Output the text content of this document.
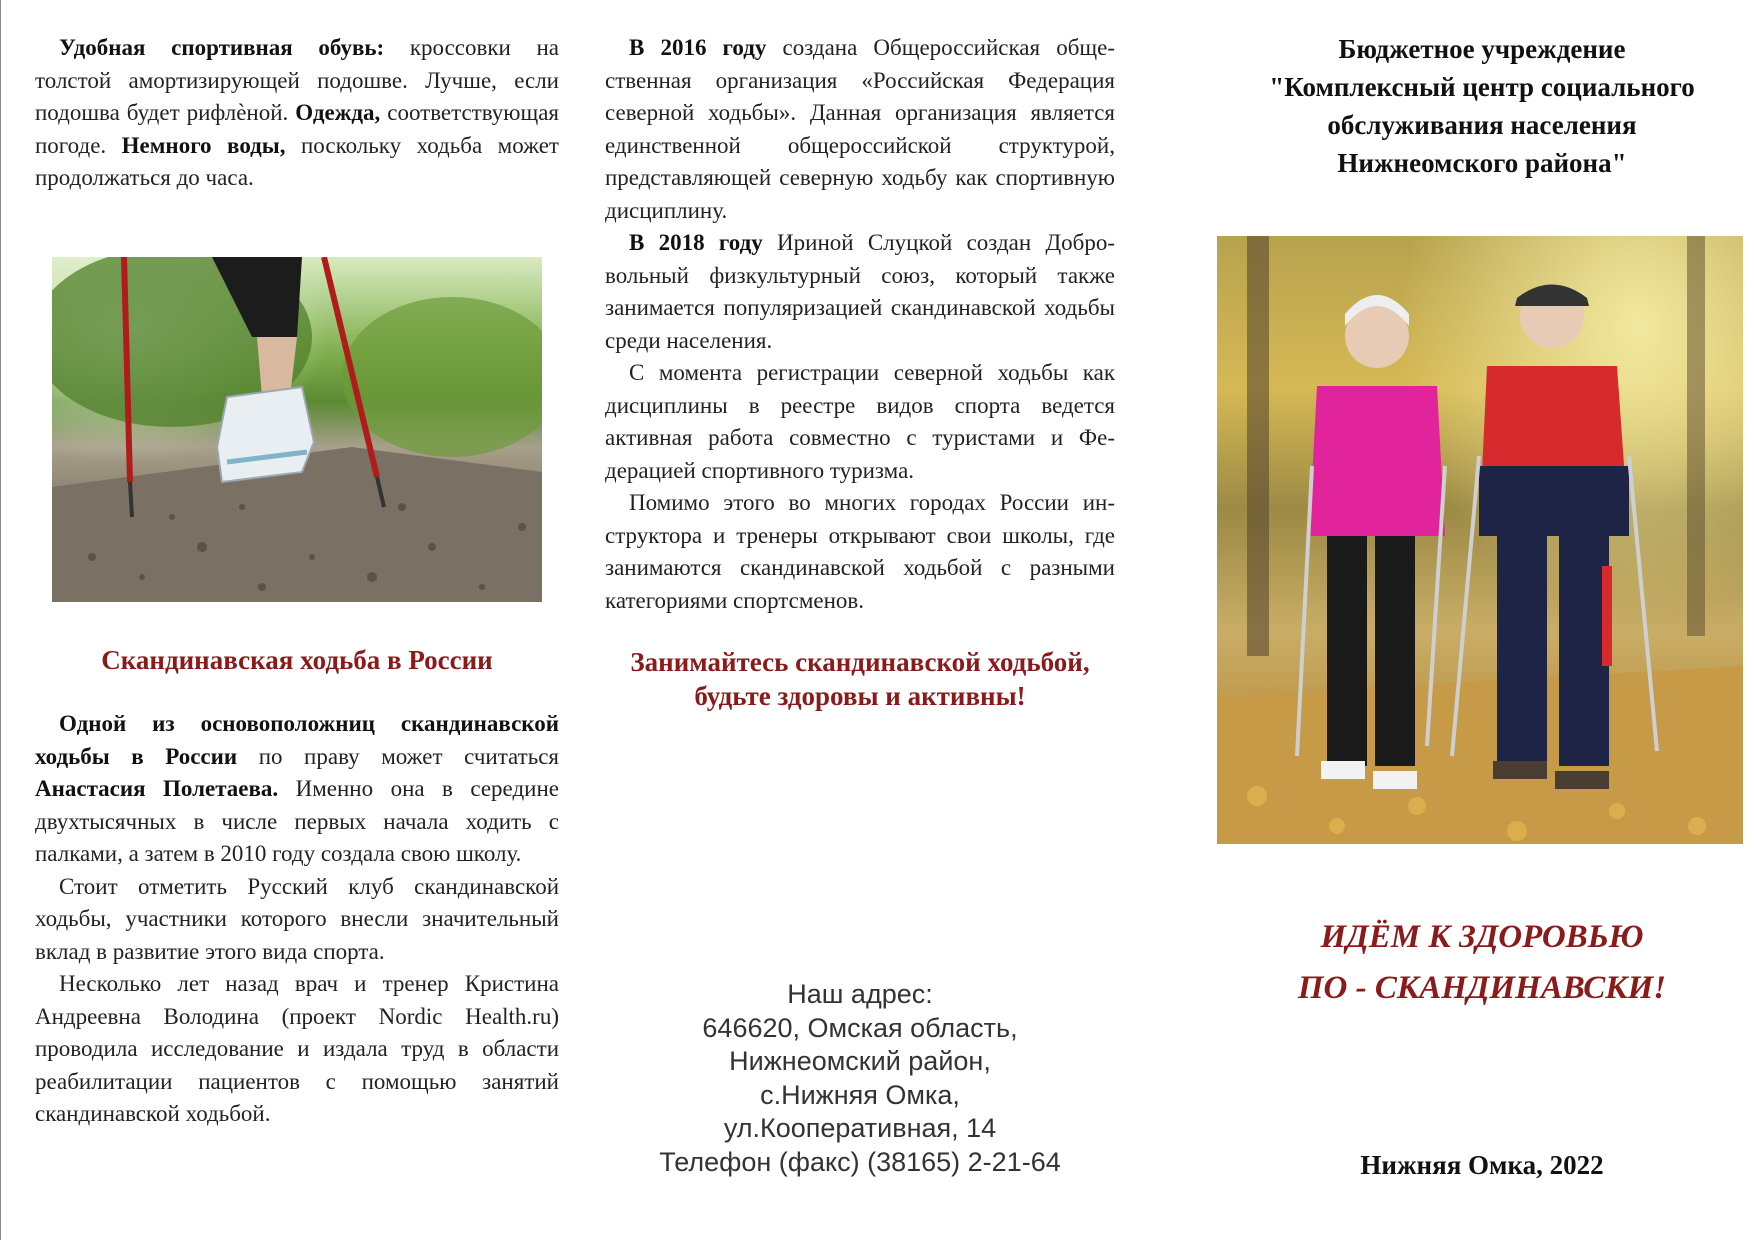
Удобная спортивная обувь: кроссовки на толстой амортизирующей подошве. Лучше, если подошва будет рифлѐной. Одежда, соответствующая погоде. Немного воды, поскольку ходьба может продолжаться до часа.

Скандинавская ходьба в России

Одной из основоположниц скандинавской ходьбы в России по праву может считаться Анастасия Полетаева. Именно она в середине двухтысячных в числе первых начала ходить с палками, а затем в 2010 году создала свою школу.

Стоит отметить Русский клуб скандинавской ходьбы, участники которого внесли значительный вклад в развитие этого вида спорта.

Несколько лет назад врач и тренер Кристина Андреевна Володина (проект Nordic Health.ru) проводила исследование и издала труд в области реабилитации пациентов с помощью занятий скандинавской ходьбой.

В 2016 году создана Общероссийская общественная организация «Российская Федерация северной ходьбы». Данная организация является единственной общероссийской структурой, представляющей северную ходьбу как спортивную дисциплину.

В 2018 году Ириной Слуцкой создан Добровольный физкультурный союз, который также занимается популяризацией скандинавской ходьбы среди населения.

С момента регистрации северной ходьбы как дисциплины в реестре видов спорта ведется активная работа совместно с туристами и Федерацией спортивного туризма.

Помимо этого во многих городах России инструктора и тренеры открывают свои школы, где занимаются скандинавской ходьбой с разными категориями спортсменов.

Занимайтесь скандинавской ходьбой,
будьте здоровы и активны!
Наш адрес:
646620, Омская область,
Нижнеомский район,
с.Нижняя Омка,
ул.Кооперативная, 14
Телефон (факс) (38165) 2-21-64
Бюджетное учреждение
"Комплексный центр социального
обслуживания населения
Нижнеомского района"
ИДЁМ К ЗДОРОВЬЮ
ПО - СКАНДИНАВСКИ!
Нижняя Омка, 2022
